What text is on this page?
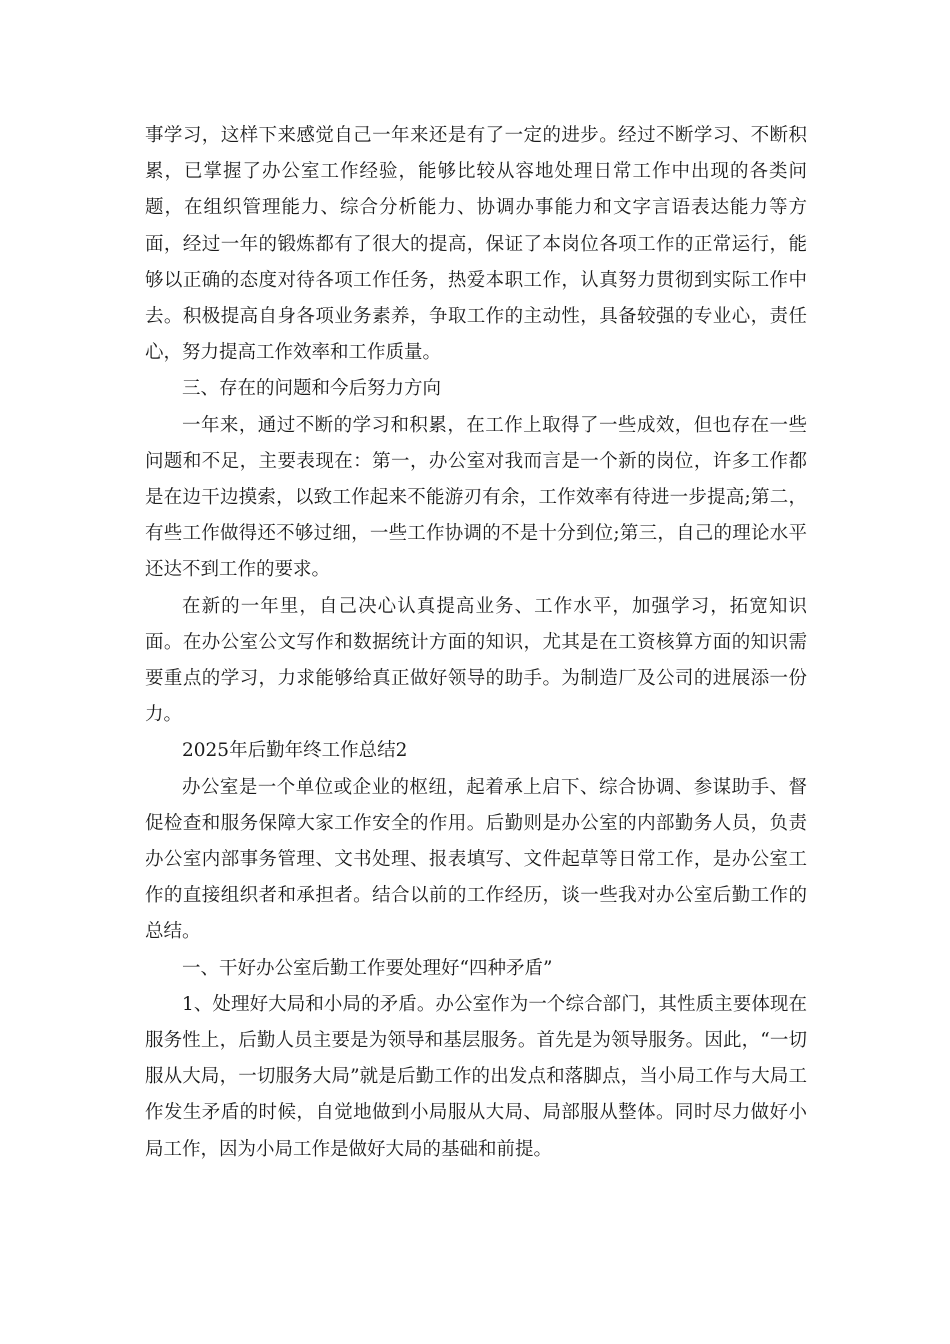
事学习，这样下来感觉自己一年来还是有了一定的进步。经过不断学习、不断积累，已掌握了办公室工作经验，能够比较从容地处理日常工作中出现的各类问题，在组织管理能力、综合分析能力、协调办事能力和文字言语表达能力等方面，经过一年的锻炼都有了很大的提高，保证了本岗位各项工作的正常运行，能够以正确的态度对待各项工作任务，热爱本职工作，认真努力贯彻到实际工作中去。积极提高自身各项业务素养，争取工作的主动性，具备较强的专业心，责任心，努力提高工作效率和工作质量。

三、存在的问题和今后努力方向

一年来，通过不断的学习和积累，在工作上取得了一些成效，但也存在一些问题和不足，主要表现在：第一，办公室对我而言是一个新的岗位，许多工作都是在边干边摸索，以致工作起来不能游刃有余，工作效率有待进一步提高;第二，有些工作做得还不够过细，一些工作协调的不是十分到位;第三，自己的理论水平还达不到工作的要求。

在新的一年里，自己决心认真提高业务、工作水平，加强学习，拓宽知识面。在办公室公文写作和数据统计方面的知识，尤其是在工资核算方面的知识需要重点的学习，力求能够给真正做好领导的助手。为制造厂及公司的进展添一份力。

2025年后勤年终工作总结2

办公室是一个单位或企业的枢纽，起着承上启下、综合协调、参谋助手、督促检查和服务保障大家工作安全的作用。后勤则是办公室的内部勤务人员，负责办公室内部事务管理、文书处理、报表填写、文件起草等日常工作，是办公室工作的直接组织者和承担者。结合以前的工作经历，谈一些我对办公室后勤工作的总结。

一、干好办公室后勤工作要处理好“四种矛盾”

1、处理好大局和小局的矛盾。办公室作为一个综合部门，其性质主要体现在服务性上，后勤人员主要是为领导和基层服务。首先是为领导服务。因此，“一切服从大局，一切服务大局”就是后勤工作的出发点和落脚点，当小局工作与大局工作发生矛盾的时候，自觉地做到小局服从大局、局部服从整体。同时尽力做好小局工作，因为小局工作是做好大局的基础和前提。
